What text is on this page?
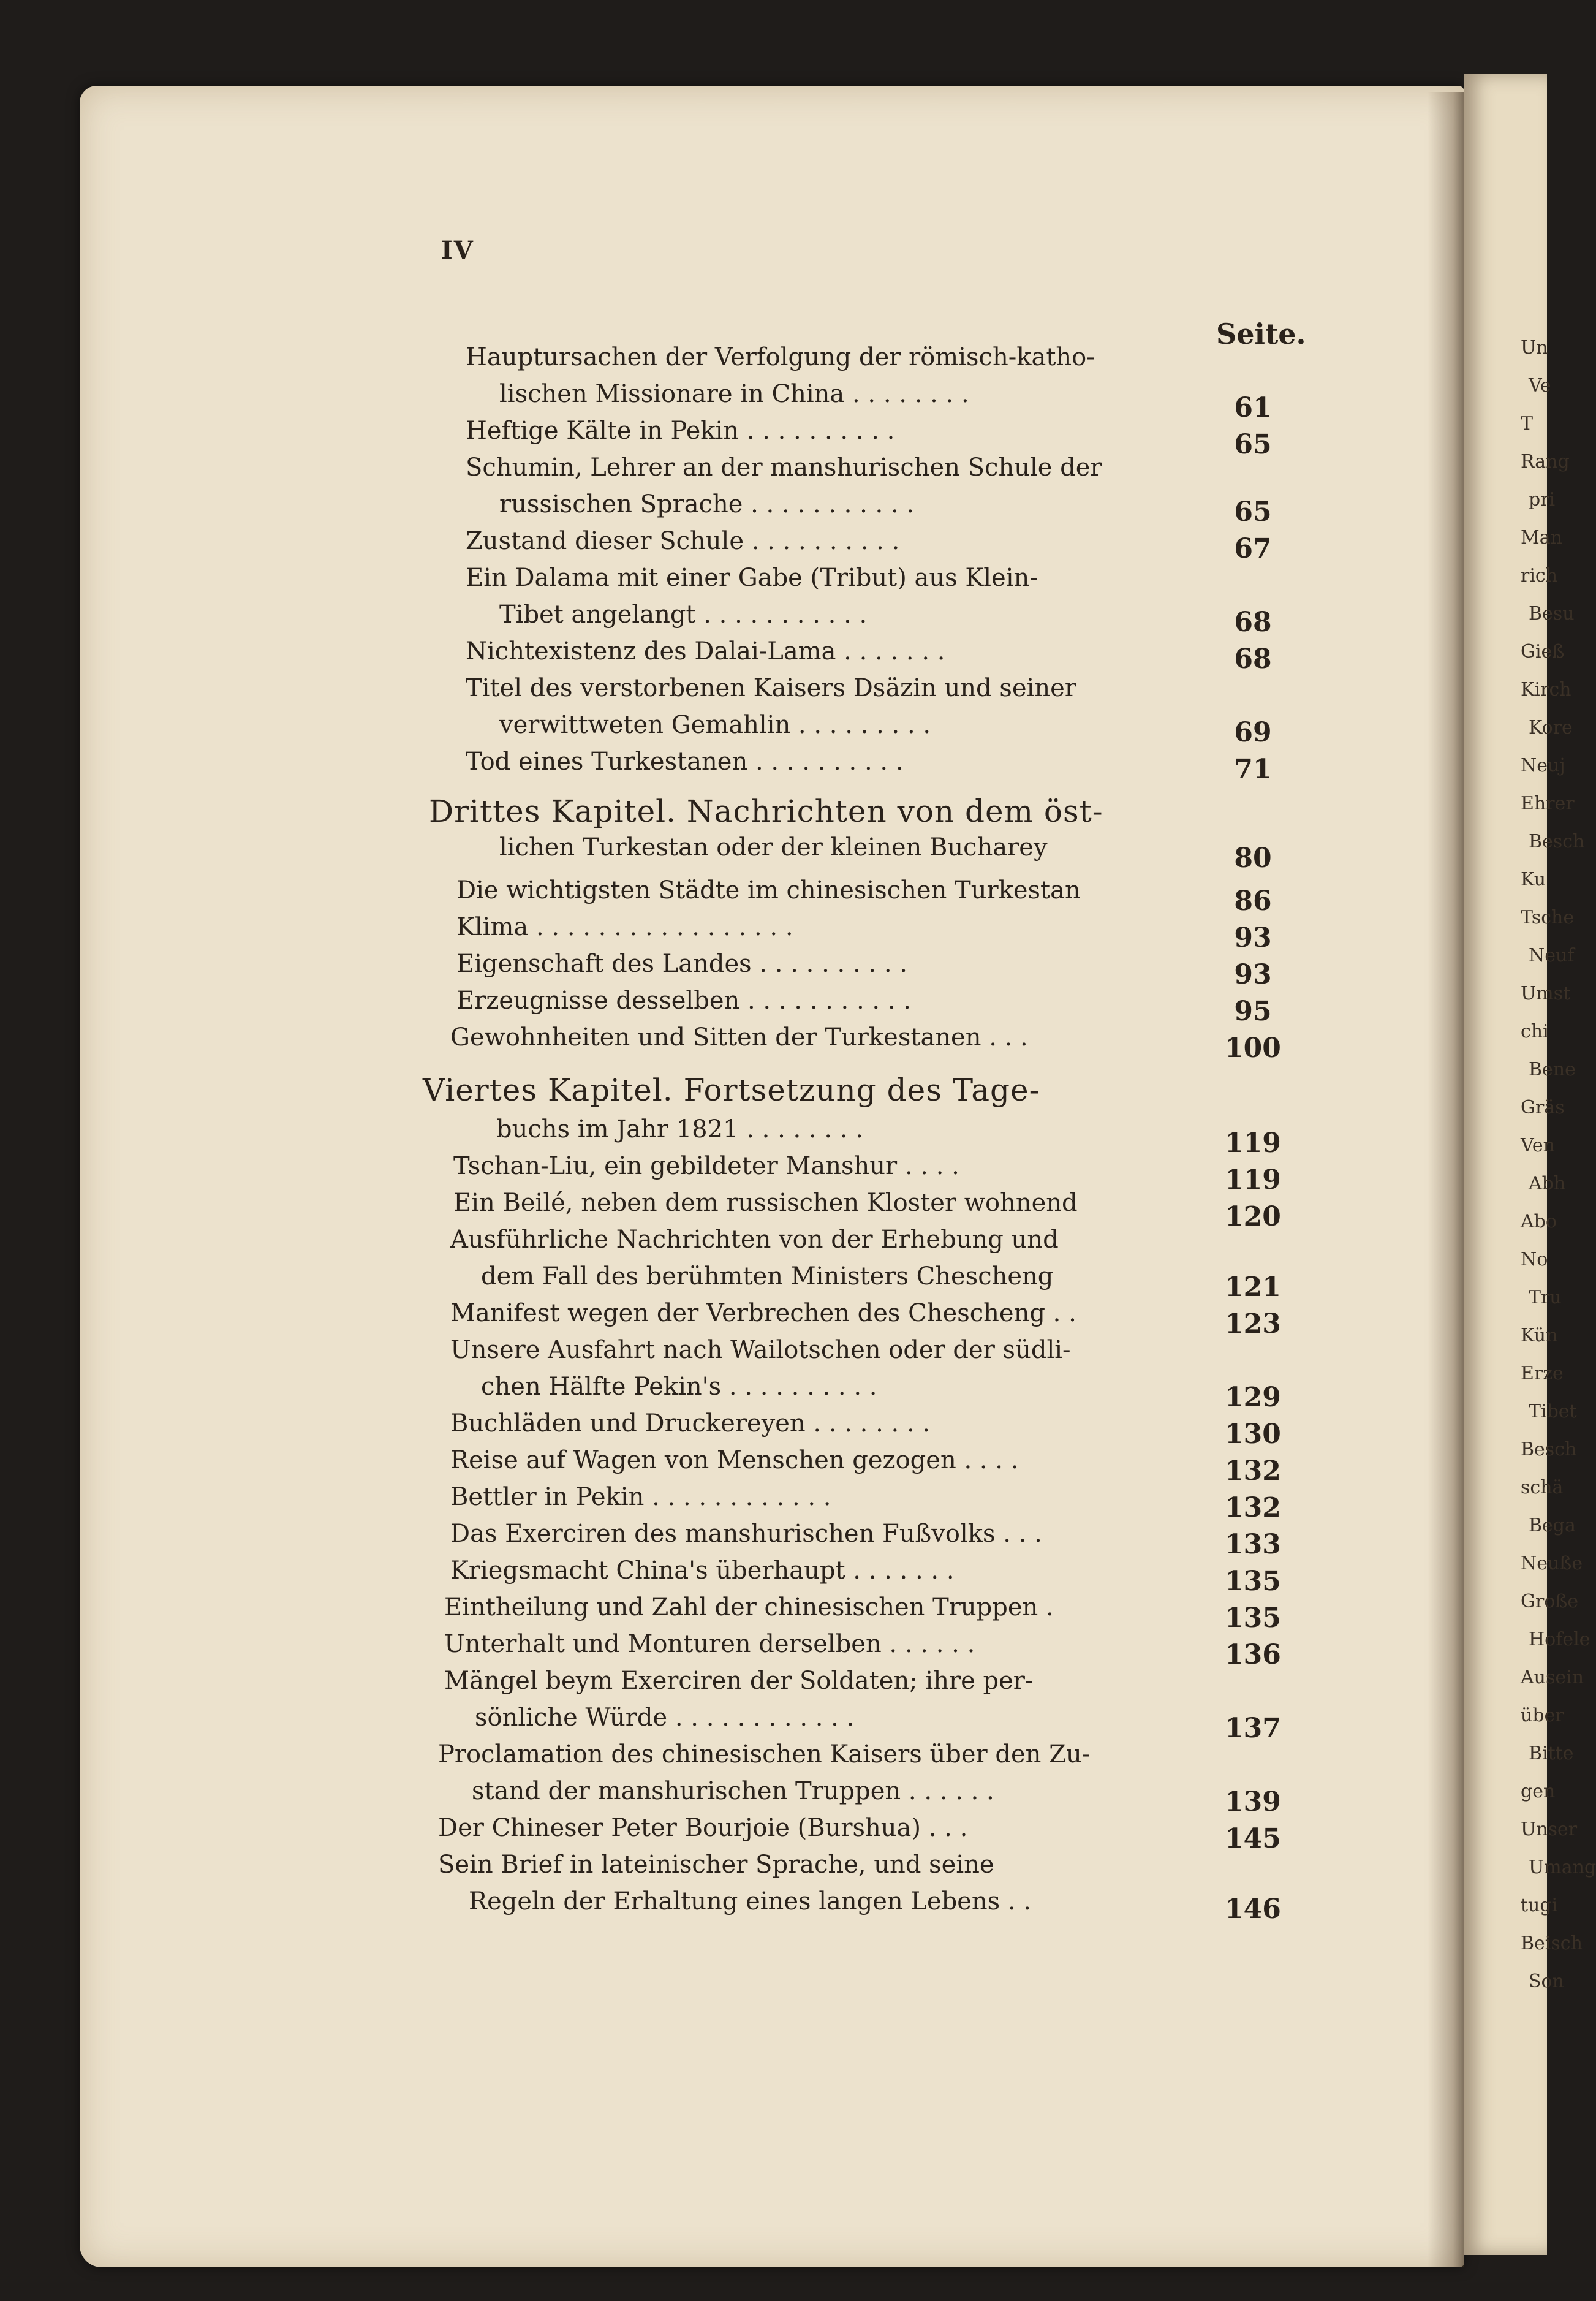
Un
Ve
T
Rang
pri
Man
rich
Besu
Gieß
Kirch
Kore
Neuj
Ehrer
Besch
Ku
Tsche
Neuf
Umst
chi
Bene
Gräs
Ven
Abh
Abo
No
Tru
Kün
Erze
Tibet
Besch
schä
Bega
Neuße
Große
Hofele
Ausein
über
Bitte
gen
Unser
Umang
tugi
Beisch
Son
IV
Seite.
Hauptursachen der Verfolgung der römisch-katho-
lischen Missionare in China . . . . . . . .	61
Heftige Kälte in Pekin . . . . . . . . . .	65
Schumin, Lehrer an der manshurischen Schule der
russischen Sprache . . . . . . . . . . .	65
Zustand dieser Schule . . . . . . . . . .	67
Ein Dalama mit einer Gabe (Tribut) aus Klein-
Tibet angelangt . . . . . . . . . . .	68
Nichtexistenz des Dalai-Lama . . . . . . .	68
Titel des verstorbenen Kaisers Dsäzin und seiner
verwittweten Gemahlin . . . . . . . . .	69
Tod eines Turkestanen . . . . . . . . . .	71
Drittes Kapitel. Nachrichten von dem öst-
lichen Turkestan oder der kleinen Bucharey	80
Die wichtigsten Städte im chinesischen Turkestan	86
Klima . . . . . . . . . . . . . . . . .	93
Eigenschaft des Landes . . . . . . . . . .	93
Erzeugnisse desselben . . . . . . . . . . .	95
Gewohnheiten und Sitten der Turkestanen . . .	100
Viertes Kapitel. Fortsetzung des Tage-
buchs im Jahr 1821 . . . . . . . .	119
Tschan-Liu, ein gebildeter Manshur . . . .	119
Ein Beilé, neben dem russischen Kloster wohnend	120
Ausführliche Nachrichten von der Erhebung und
dem Fall des berühmten Ministers Chescheng	121
Manifest wegen der Verbrechen des Chescheng . .	123
Unsere Ausfahrt nach Wailotschen oder der südli-
chen Hälfte Pekin's . . . . . . . . . .	129
Buchläden und Druckereyen . . . . . . . .	130
Reise auf Wagen von Menschen gezogen . . . .	132
Bettler in Pekin . . . . . . . . . . . .	132
Das Exerciren des manshurischen Fußvolks . . .	133
Kriegsmacht China's überhaupt . . . . . . .	135
Eintheilung und Zahl der chinesischen Truppen .	135
Unterhalt und Monturen derselben . . . . . .	136
Mängel beym Exerciren der Soldaten; ihre per-
sönliche Würde . . . . . . . . . . . .	137
Proclamation des chinesischen Kaisers über den Zu-
stand der manshurischen Truppen . . . . . .	139
Der Chineser Peter Bourjoie (Burshua) . . .	145
Sein Brief in lateinischer Sprache, und seine
Regeln der Erhaltung eines langen Lebens . .	146
